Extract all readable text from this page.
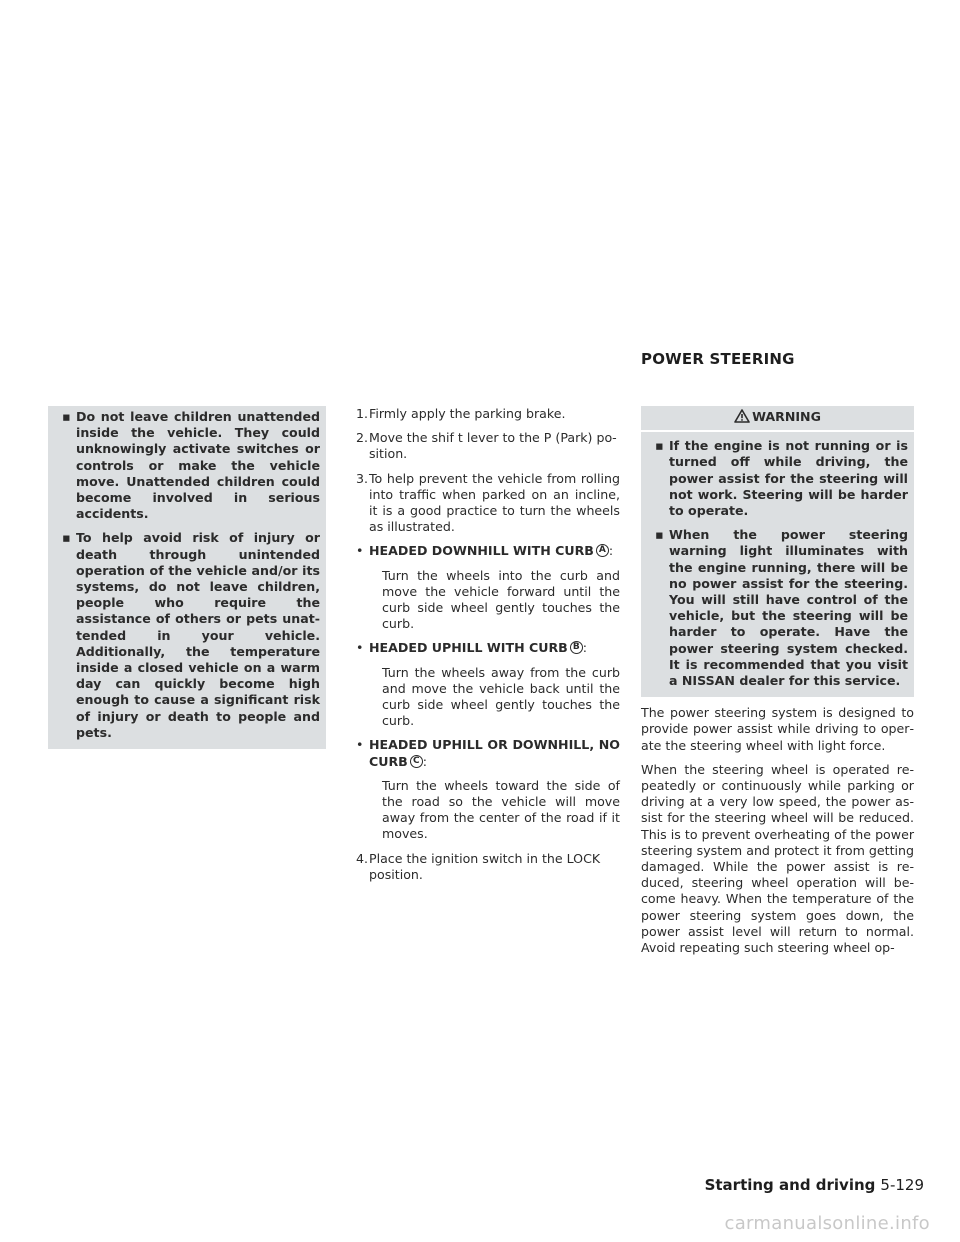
▪ Do not leave children unattended inside the vehicle. They could unknowingly activate switches or controls or make the vehicle move. Unattended children could become involved in serious accidents.
▪ To help avoid risk of injury or death through unintended operation of the vehicle and/or its systems, do not leave children, people who require the assistance of others or pets unattended in your vehicle. Additionally, the temperature inside a closed vehicle on a warm day can quickly become high enough to cause a significant risk of injury or death to people and pets.
1. Firmly apply the parking brake.
2. Move the shif t lever to the P (Park) position.
3. To help prevent the vehicle from rolling into traffic when parked on an incline, it is a good practice to turn the wheels as illustrated.
• HEADED DOWNHILL WITH CURB A :
Turn the wheels into the curb and move the vehicle forward until the curb side wheel gently touches the curb.
• HEADED UPHILL WITH CURB B :
Turn the wheels away from the curb and move the vehicle back until the curb side wheel gently touches the curb.
• HEADED UPHILL OR DOWNHILL, NO CURB C :
Turn the wheels toward the side of the road so the vehicle will move away from the center of the road if it moves.
4. Place the ignition switch in the LOCK position.
POWER STEERING
WARNING
▪ If the engine is not running or is turned off while driving, the power assist for the steering will not work. Steering will be harder to operate.
▪ When the power steering warning light illuminates with the engine running, there will be no power assist for the steering. You will still have control of the vehicle, but the steering will be harder to operate. Have the power steering system checked. It is recommended that you visit a NISSAN dealer for this service.

The power steering system is designed to provide power assist while driving to operate the steering wheel with light force.

When the steering wheel is operated repeatedly or continuously while parking or driving at a very low speed, the power assist for the steering wheel will be reduced. This is to prevent overheating of the power steering system and protect it from getting damaged. While the power assist is reduced, steering wheel operation will become heavy. When the temperature of the power steering system goes down, the power assist level will return to normal. Avoid repeating such steering wheel op-

Starting and driving 5-129
carmanualsonline.info
